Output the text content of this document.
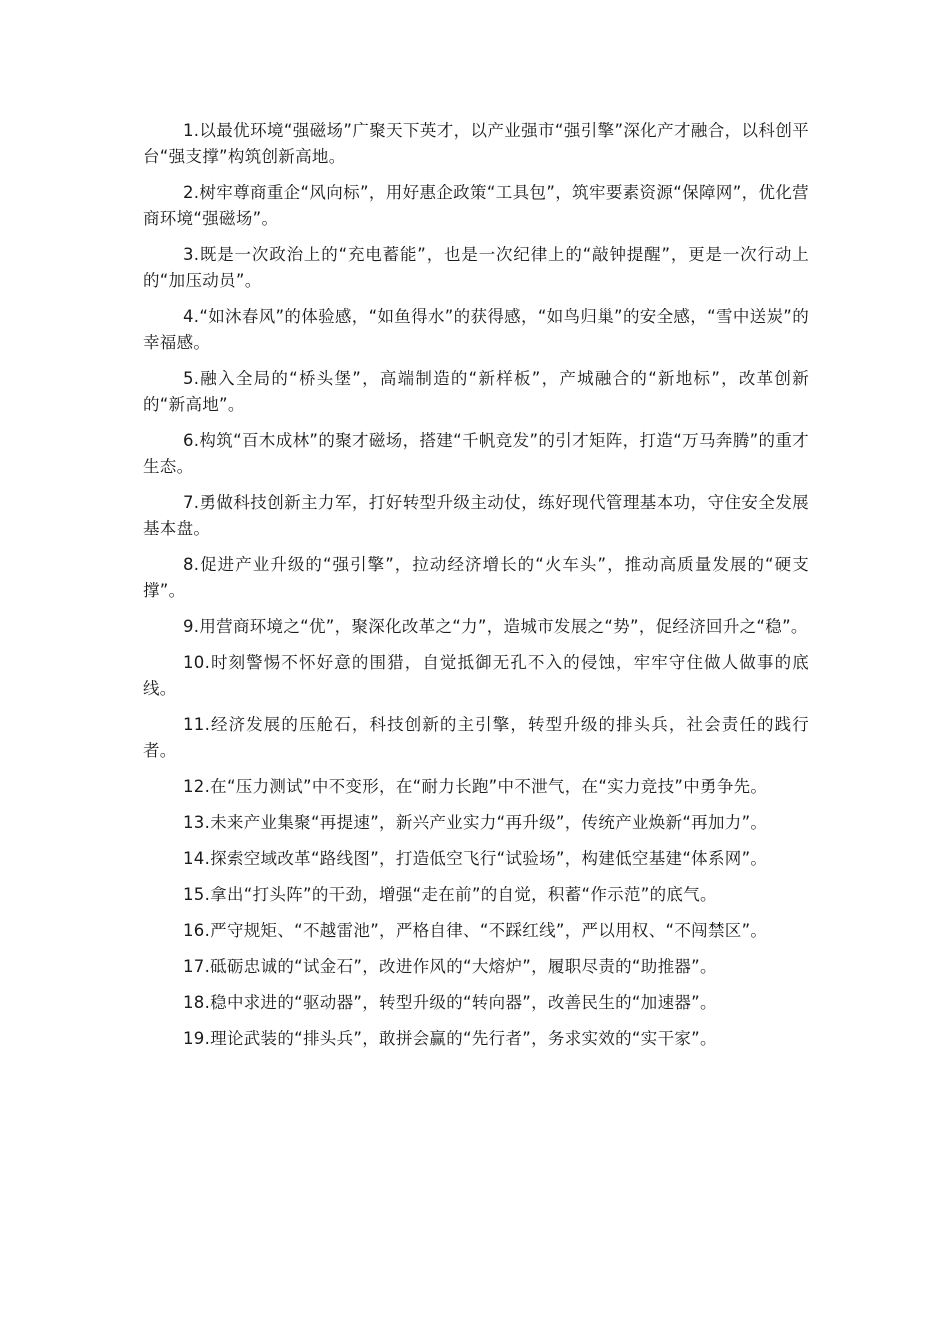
1.以最优环境“强磁场”广聚天下英才，以产业强市“强引擎”深化产才融合，以科创平台“强支撑”构筑创新高地。

2.树牢尊商重企“风向标”，用好惠企政策“工具包”，筑牢要素资源“保障网”，优化营商环境“强磁场”。

3.既是一次政治上的“充电蓄能”，也是一次纪律上的“敲钟提醒”，更是一次行动上的“加压动员”。

4.“如沐春风”的体验感，“如鱼得水”的获得感，“如鸟归巢”的安全感，“雪中送炭”的幸福感。

5.融入全局的“桥头堡”，高端制造的“新样板”，产城融合的“新地标”，改革创新的“新高地”。

6.构筑“百木成林”的聚才磁场，搭建“千帆竞发”的引才矩阵，打造“万马奔腾”的重才生态。

7.勇做科技创新主力军，打好转型升级主动仗，练好现代管理基本功，守住安全发展基本盘。

8.促进产业升级的“强引擎”，拉动经济增长的“火车头”，推动高质量发展的“硬支撑”。

9.用营商环境之“优”，聚深化改革之“力”，造城市发展之“势”，促经济回升之“稳”。

10.时刻警惕不怀好意的围猎，自觉抵御无孔不入的侵蚀，牢牢守住做人做事的底线。

11.经济发展的压舱石，科技创新的主引擎，转型升级的排头兵，社会责任的践行者。

12.在“压力测试”中不变形，在“耐力长跑”中不泄气，在“实力竞技”中勇争先。

13.未来产业集聚“再提速”，新兴产业实力“再升级”，传统产业焕新“再加力”。

14.探索空域改革“路线图”，打造低空飞行“试验场”，构建低空基建“体系网”。

15.拿出“打头阵”的干劲，增强“走在前”的自觉，积蓄“作示范”的底气。

16.严守规矩、“不越雷池”，严格自律、“不踩红线”，严以用权、“不闯禁区”。

17.砥砺忠诚的“试金石”，改进作风的“大熔炉”，履职尽责的“助推器”。

18.稳中求进的“驱动器”，转型升级的“转向器”，改善民生的“加速器”。

19.理论武装的“排头兵”，敢拼会赢的“先行者”，务求实效的“实干家”。
